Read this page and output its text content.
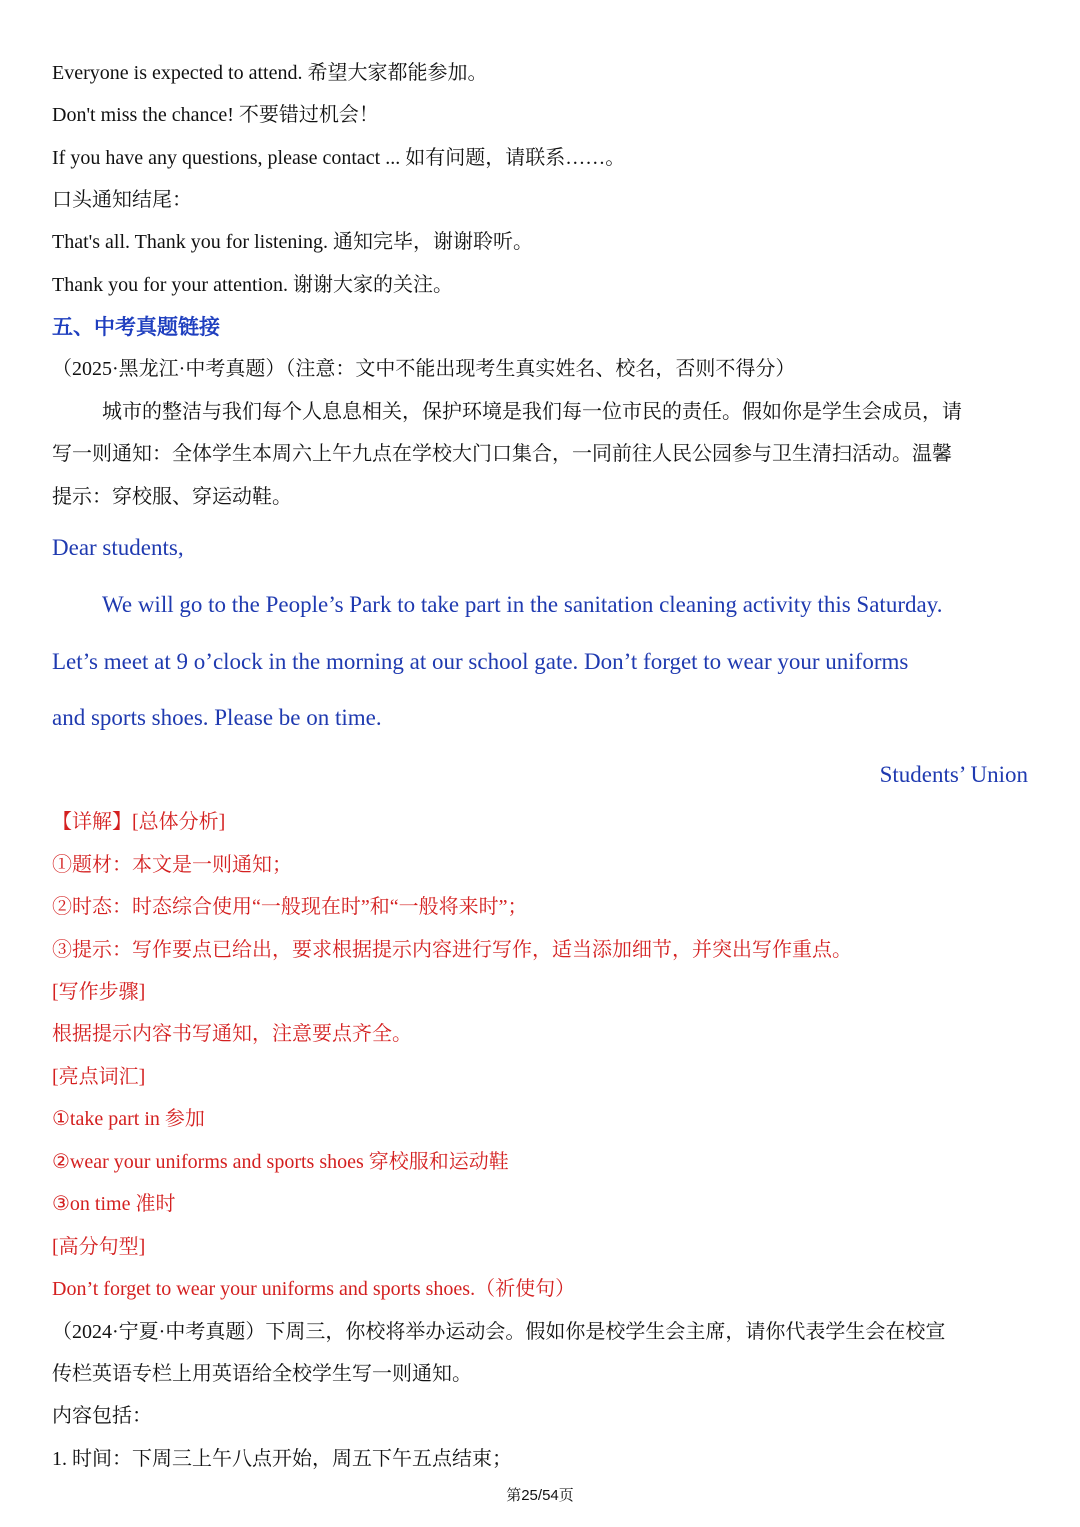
Everyone is expected to attend. 希望大家都能参加。
Don't miss the chance! 不要错过机会！
If you have any questions, please contact ... 如有问题，请联系……。
口头通知结尾：
That's all. Thank you for listening. 通知完毕，谢谢聆听。
Thank you for your attention. 谢谢大家的关注。
五、中考真题链接
（2025·黑龙江·中考真题）（注意：文中不能出现考生真实姓名、校名，否则不得分）
城市的整洁与我们每个人息息相关，保护环境是我们每一位市民的责任。假如你是学生会成员，请
写一则通知：全体学生本周六上午九点在学校大门口集合，一同前往人民公园参与卫生清扫活动。温馨
提示：穿校服、穿运动鞋。
Dear students,
We will go to the People’s Park to take part in the sanitation cleaning activity this Saturday.
Let’s meet at 9 o’clock in the morning at our school gate. Don’t forget to wear your uniforms
and sports shoes. Please be on time.
Students’ Union
【详解】[总体分析]
①题材：本文是一则通知；
②时态：时态综合使用“一般现在时”和“一般将来时”；
③提示：写作要点已给出，要求根据提示内容进行写作，适当添加细节，并突出写作重点。
[写作步骤]
根据提示内容书写通知，注意要点齐全。
[亮点词汇]
①take part in 参加
②wear your uniforms and sports shoes 穿校服和运动鞋
③on time 准时
[高分句型]
Don’t forget to wear your uniforms and sports shoes.（祈使句）
（2024·宁夏·中考真题）下周三，你校将举办运动会。假如你是校学生会主席，请你代表学生会在校宣
传栏英语专栏上用英语给全校学生写一则通知。
内容包括：
1. 时间：下周三上午八点开始，周五下午五点结束；
第25/54页
